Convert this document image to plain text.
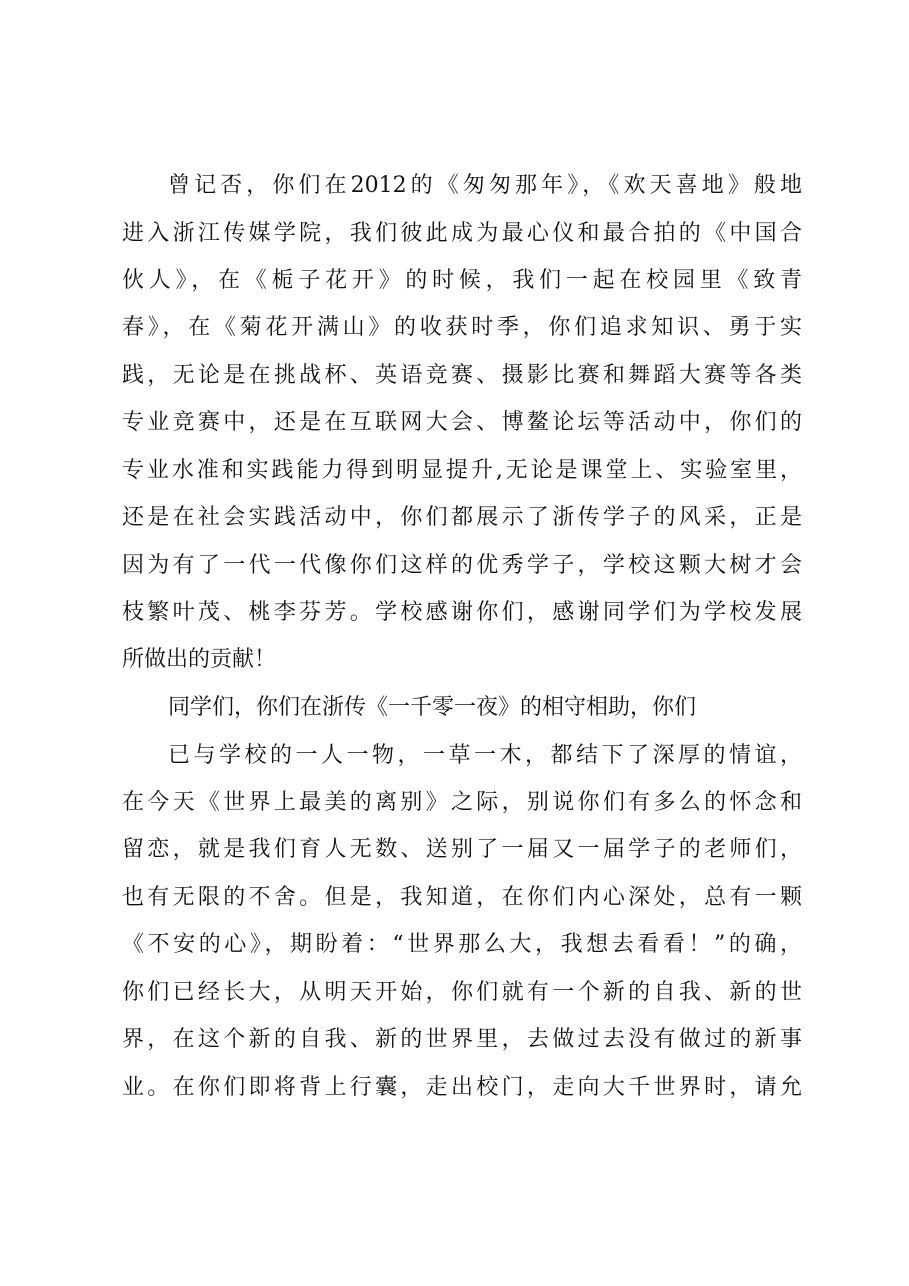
曾记否，你们在2012的《匆匆那年》，《欢天喜地》般地
进入浙江传媒学院，我们彼此成为最心仪和最合拍的《中国合
伙人》，在《栀子花开》的时候，我们一起在校园里《致青
春》，在《菊花开满山》的收获时季，你们追求知识、勇于实
践，无论是在挑战杯、英语竞赛、摄影比赛和舞蹈大赛等各类
专业竞赛中，还是在互联网大会、博鳌论坛等活动中，你们的
专业水准和实践能力得到明显提升,无论是课堂上、实验室里，
还是在社会实践活动中，你们都展示了浙传学子的风采，正是
因为有了一代一代像你们这样的优秀学子，学校这颗大树才会
枝繁叶茂、桃李芬芳。学校感谢你们，感谢同学们为学校发展
所做出的贡献！
同学们，你们在浙传《一千零一夜》的相守相助，你们
已与学校的一人一物，一草一木，都结下了深厚的情谊，
在今天《世界上最美的离别》之际，别说你们有多么的怀念和
留恋，就是我们育人无数、送别了一届又一届学子的老师们，
也有无限的不舍。但是，我知道，在你们内心深处，总有一颗
《不安的心》，期盼着：“世界那么大，我想去看看！”的确，
你们已经长大，从明天开始，你们就有一个新的自我、新的世
界，在这个新的自我、新的世界里，去做过去没有做过的新事
业。在你们即将背上行囊，走出校门，走向大千世界时，请允
